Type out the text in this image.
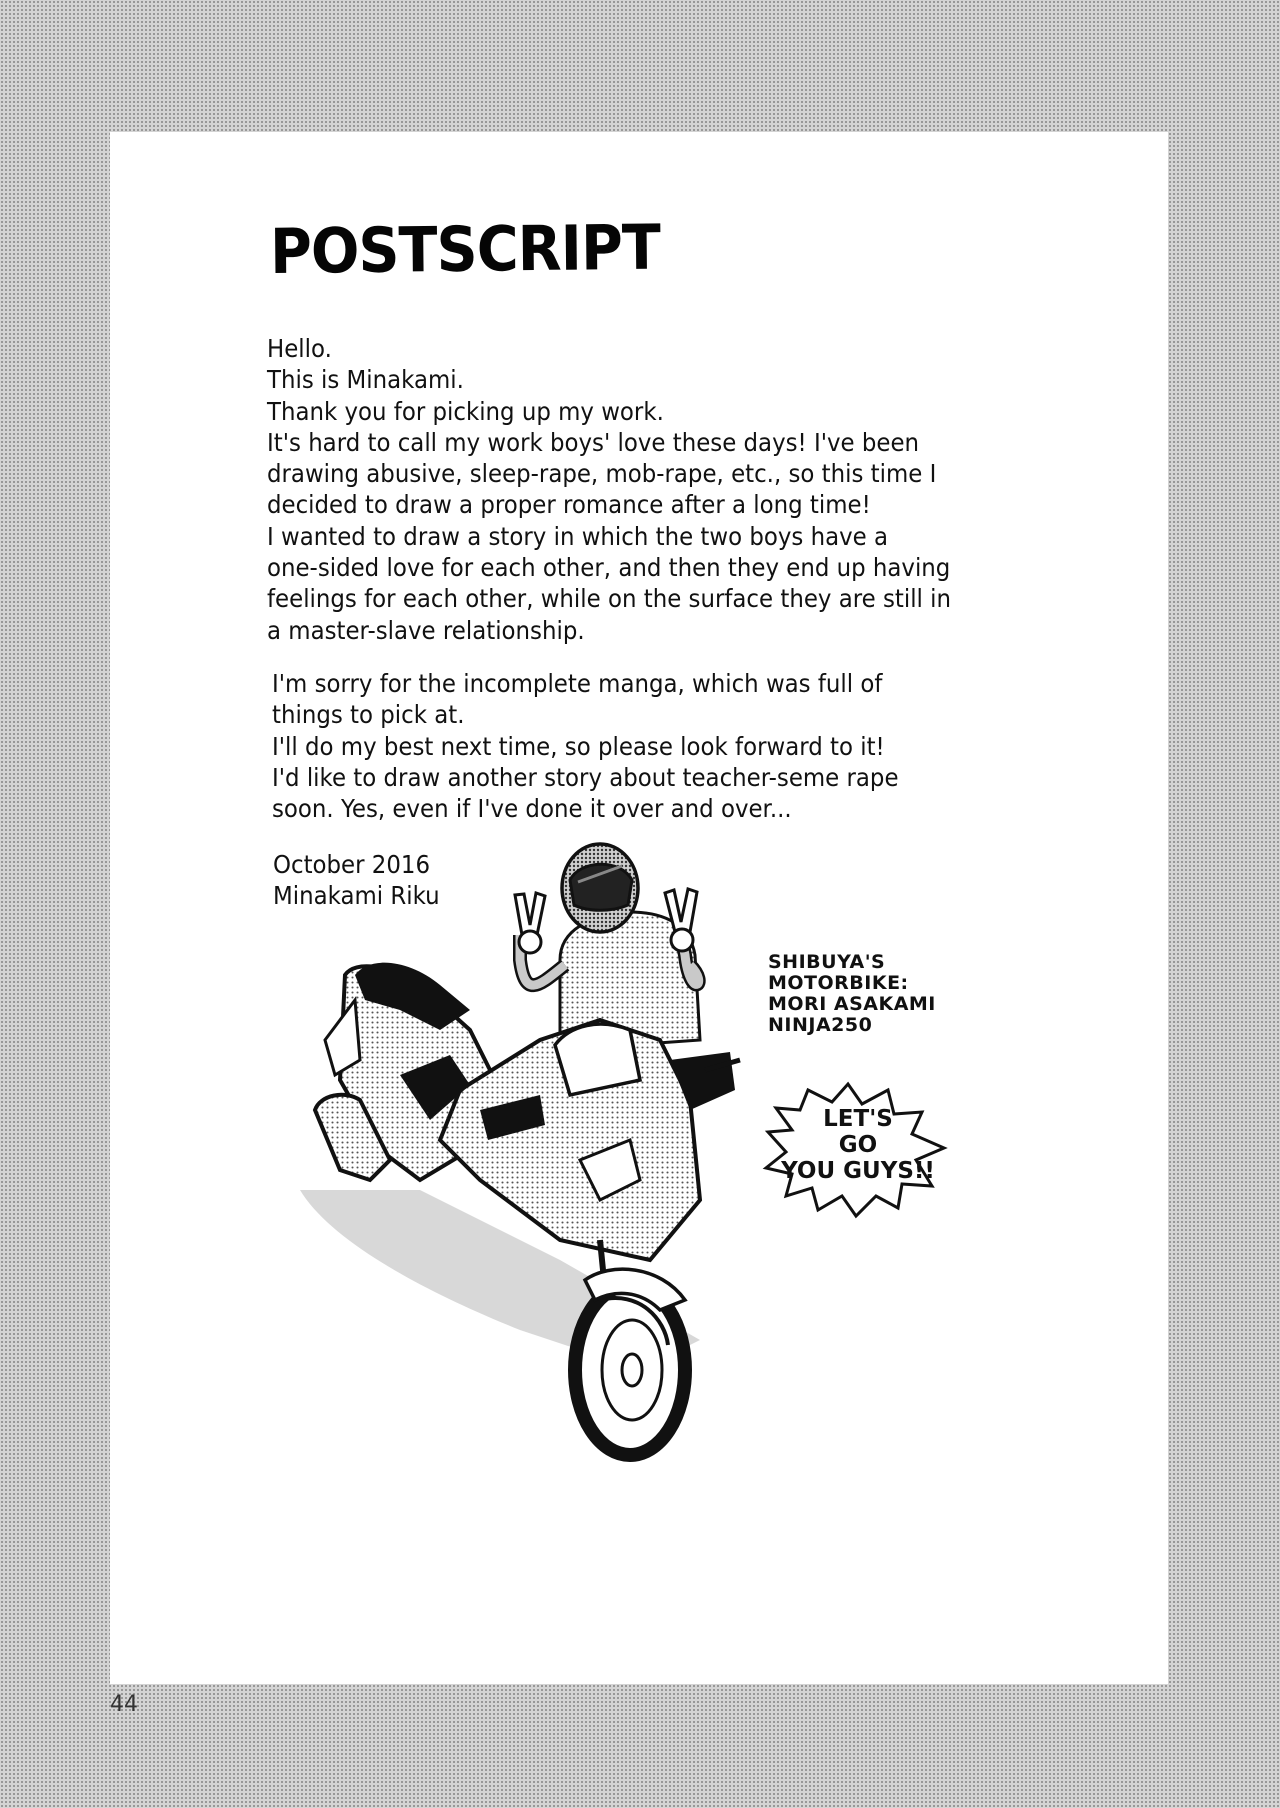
POSTSCRIPT

Hello.
This is Minakami.
Thank you for picking up my work.
It's hard to call my work boys' love these days! I've been
drawing abusive, sleep-rape, mob-rape, etc., so this time I
decided to draw a proper romance after a long time!
I wanted to draw a story in which the two boys have a
one-sided love for each other, and then they end up having
feelings for each other, while on the surface they are still in
a master-slave relationship.

I'm sorry for the incomplete manga, which was full of
things to pick at.
I'll do my best next time, so please look forward to it!
I'd like to draw another story about teacher-seme rape
soon. Yes, even if I've done it over and over...

October 2016
Minakami Riku
SHIBUYA'S
MOTORBIKE:
MORI ASAKAMI
NINJA250
LET'S
GO
YOU GUYS!!
44
